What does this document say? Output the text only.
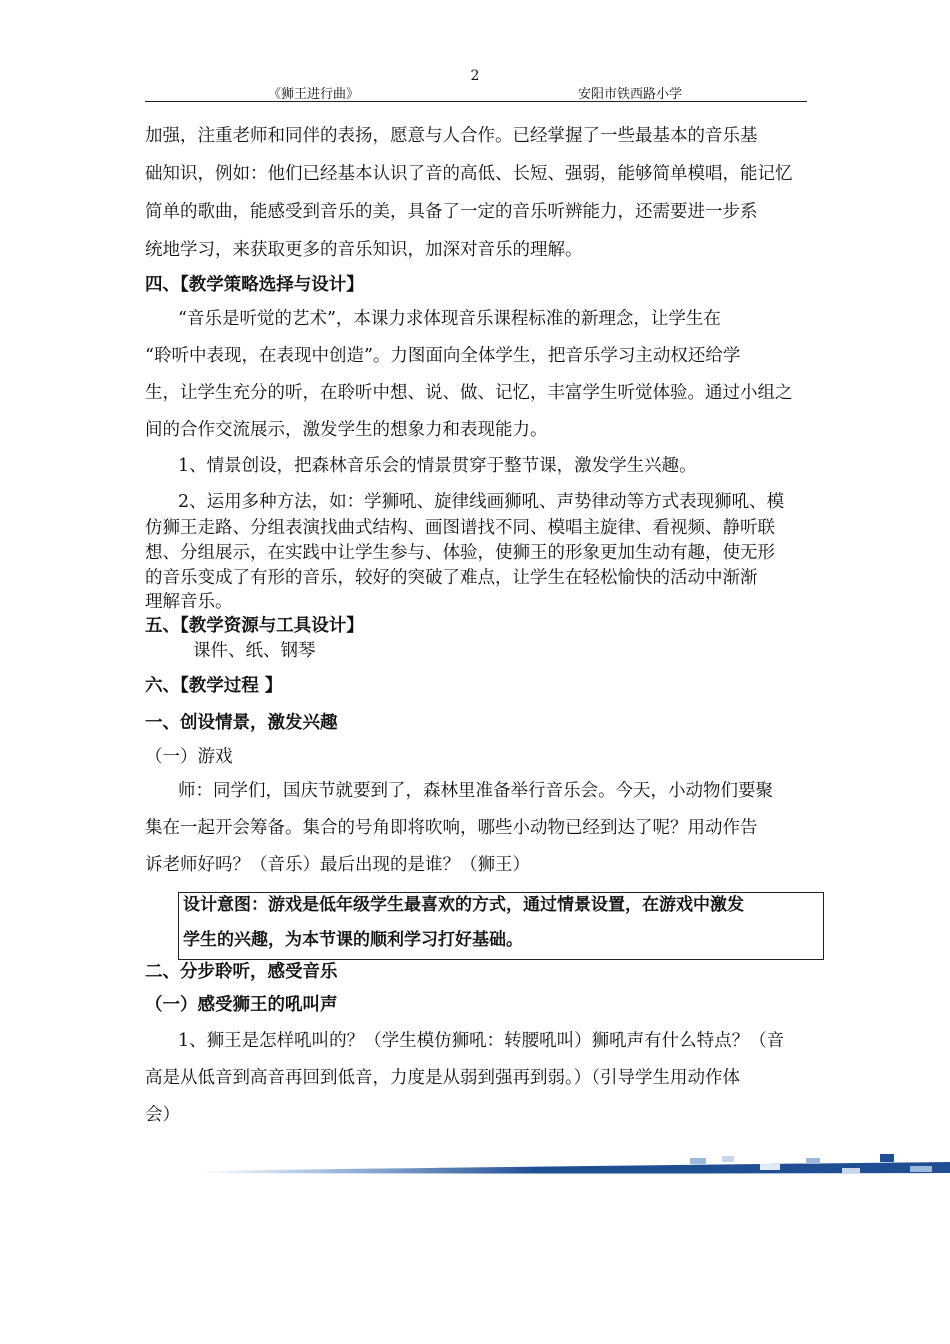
2
《狮王进行曲》	安阳市铁西路小学
加强，注重老师和同伴的表扬，愿意与人合作。已经掌握了一些最基本的音乐基
础知识，例如：他们已经基本认识了音的高低、长短、强弱，能够简单模唱，能记忆
简单的歌曲，能感受到音乐的美，具备了一定的音乐听辨能力，还需要进一步系
统地学习，来获取更多的音乐知识，加深对音乐的理解。
四、【教学策略选择与设计】
“音乐是听觉的艺术”，本课力求体现音乐课程标准的新理念，让学生在
“聆听中表现，在表现中创造”。力图面向全体学生，把音乐学习主动权还给学
生，让学生充分的听，在聆听中想、说、做、记忆，丰富学生听觉体验。通过小组之
间的合作交流展示，激发学生的想象力和表现能力。
1、情景创设，把森林音乐会的情景贯穿于整节课，激发学生兴趣。
2、运用多种方法，如：学狮吼、旋律线画狮吼、声势律动等方式表现狮吼、模
仿狮王走路、分组表演找曲式结构、画图谱找不同、模唱主旋律、看视频、静听联
想、分组展示，在实践中让学生参与、体验，使狮王的形象更加生动有趣，使无形
的音乐变成了有形的音乐，较好的突破了难点，让学生在轻松愉快的活动中渐渐
理解音乐。
五、【教学资源与工具设计】
课件、纸、钢琴
六、【教学过程 】
一、创设情景，激发兴趣
（一）游戏
师：同学们，国庆节就要到了，森林里准备举行音乐会。今天，小动物们要聚
集在一起开会筹备。集合的号角即将吹响，哪些小动物已经到达了呢？用动作告
诉老师好吗？（音乐）最后出现的是谁？（狮王）
设计意图：游戏是低年级学生最喜欢的方式，通过情景设置，在游戏中激发
学生的兴趣，为本节课的顺利学习打好基础。
二、分步聆听，感受音乐
（一）感受狮王的吼叫声
1、狮王是怎样吼叫的？（学生模仿狮吼：转腰吼叫）狮吼声有什么特点？（音
高是从低音到高音再回到低音，力度是从弱到强再到弱。）（引导学生用动作体
会）
